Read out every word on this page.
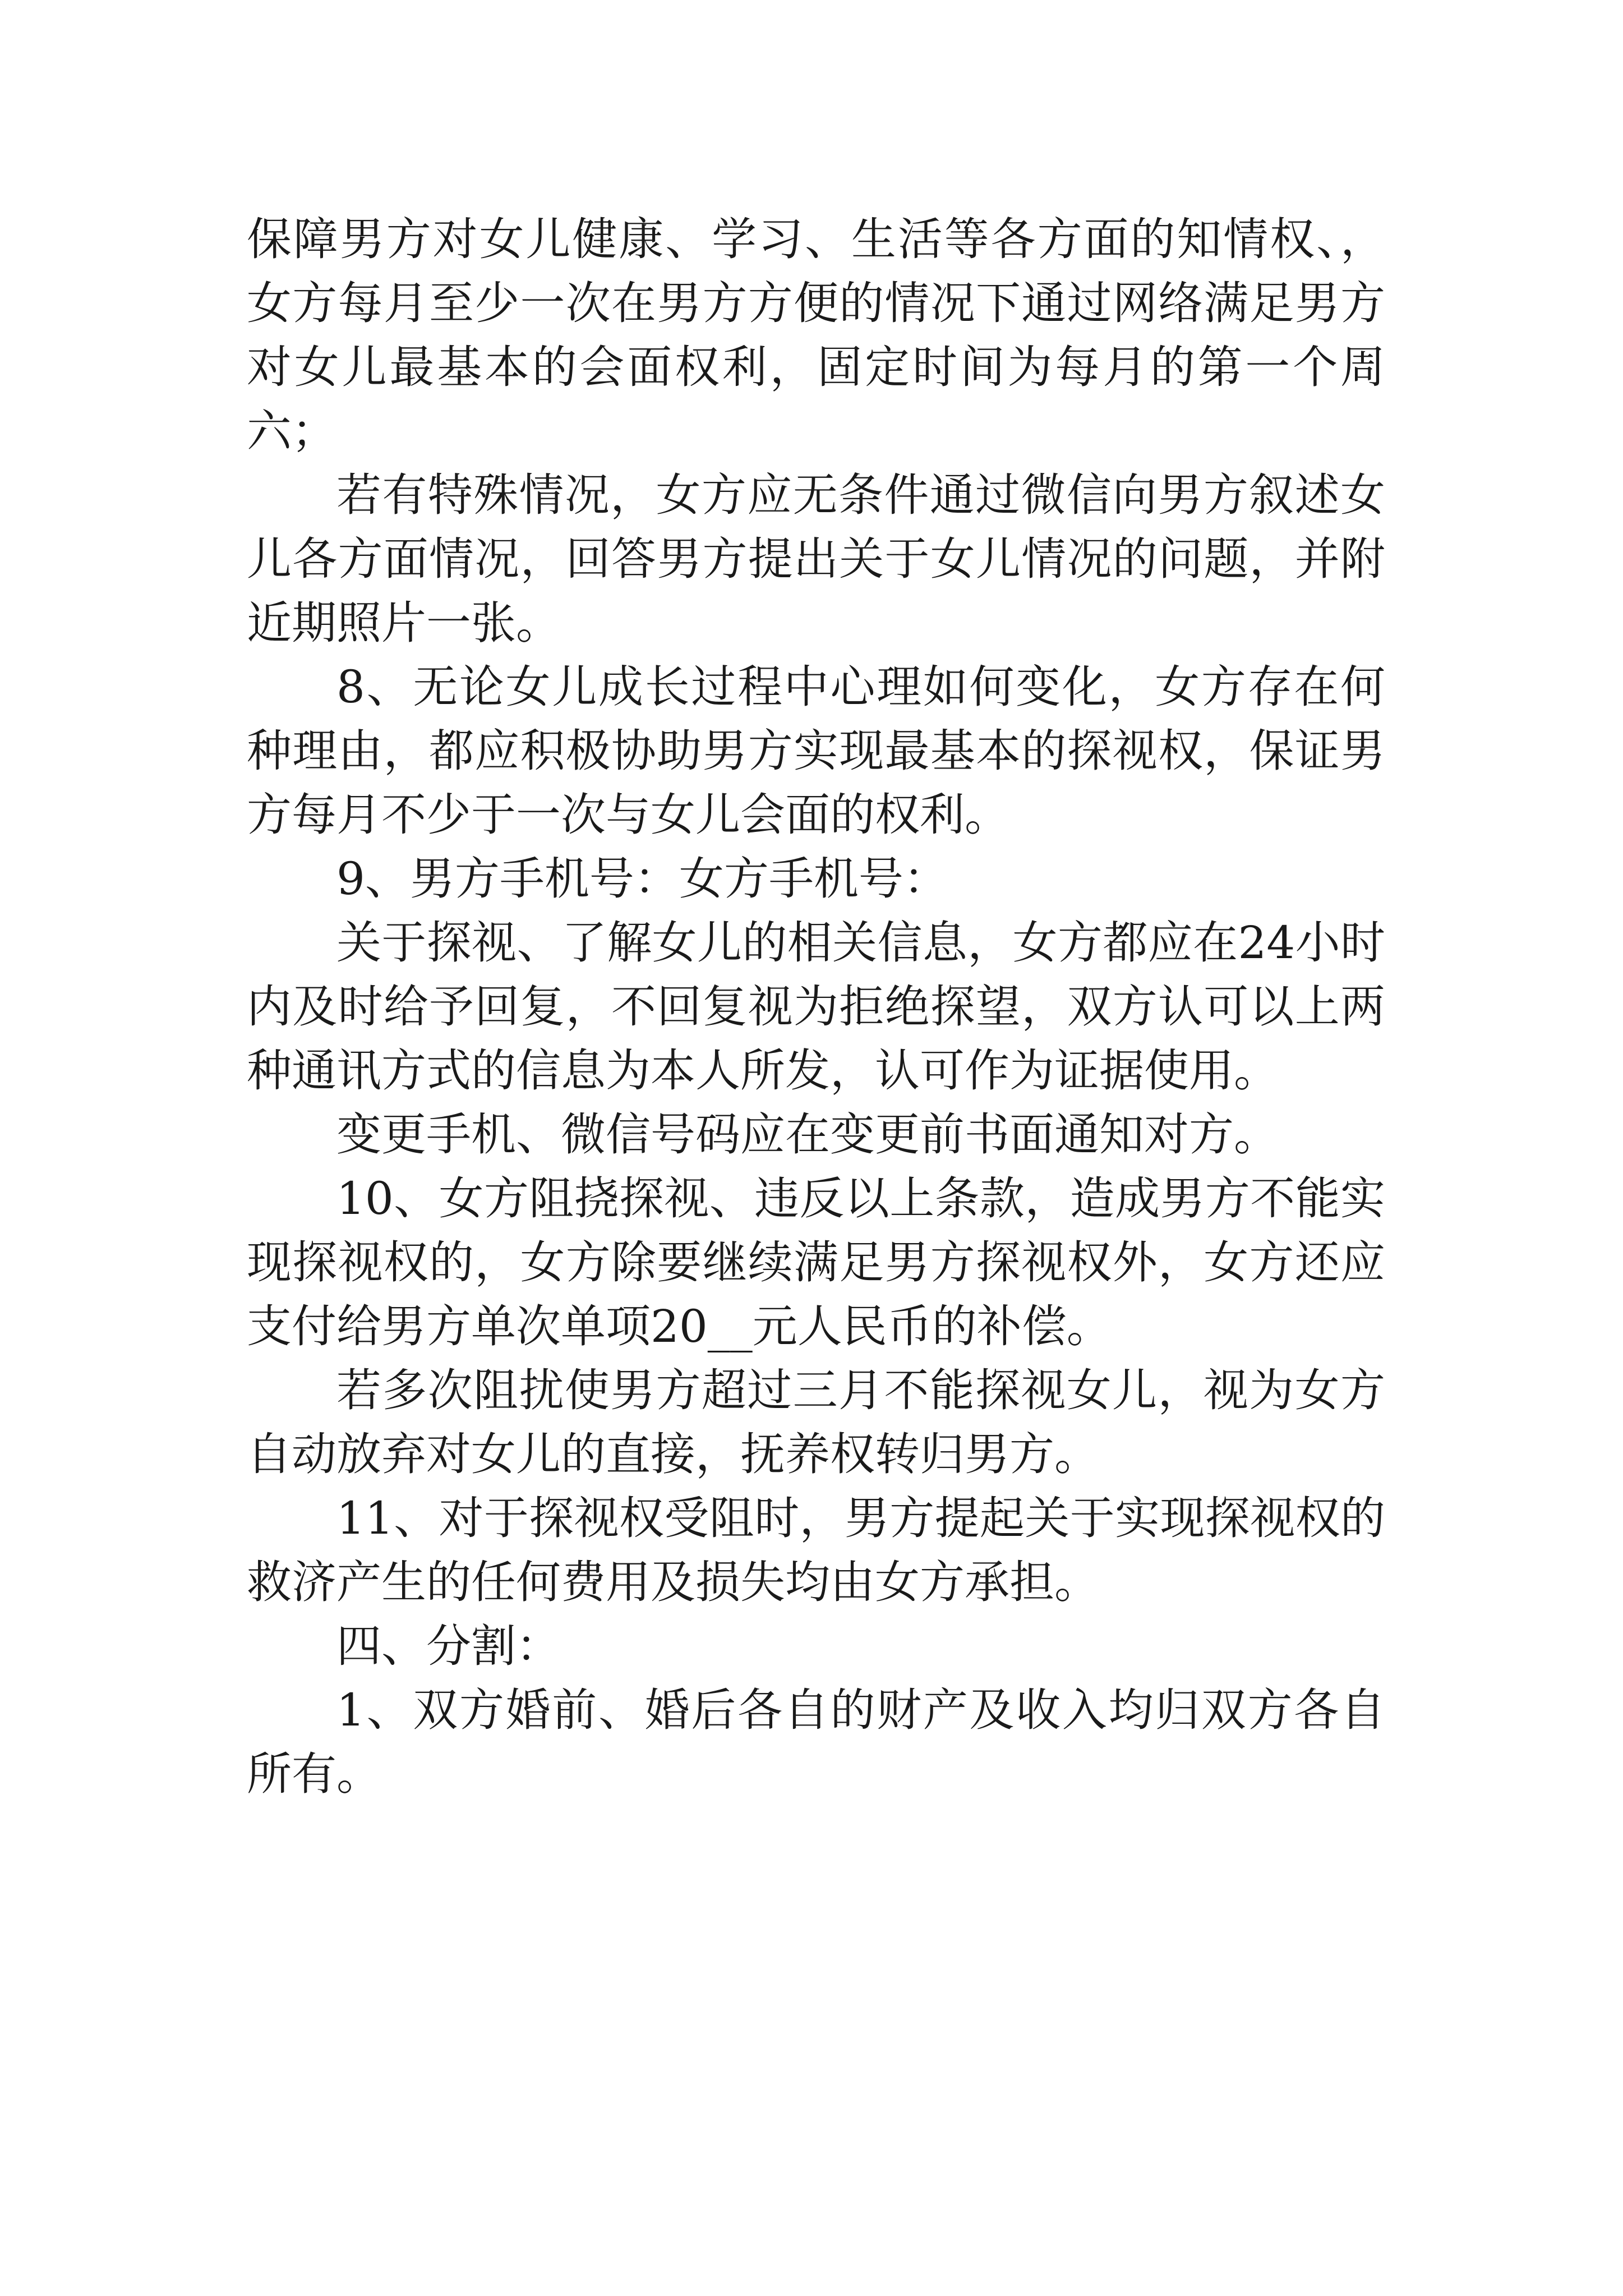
保障男方对女儿健康、学习、生活等各方面的知情权、，女方每月至少一次在男方方便的情况下通过网络满足男方对女儿最基本的会面权利，固定时间为每月的第一个周六；

若有特殊情况，女方应无条件通过微信向男方叙述女儿各方面情况，回答男方提出关于女儿情况的问题，并附近期照片一张。

8、无论女儿成长过程中心理如何变化，女方存在何种理由，都应积极协助男方实现最基本的探视权，保证男方每月不少于一次与女儿会面的权利。

9、男方手机号：女方手机号：

关于探视、了解女儿的相关信息，女方都应在24小时内及时给予回复，不回复视为拒绝探望，双方认可以上两种通讯方式的信息为本人所发，认可作为证据使用。

变更手机、微信号码应在变更前书面通知对方。

10、女方阻挠探视、违反以上条款，造成男方不能实现探视权的，女方除要继续满足男方探视权外，女方还应支付给男方单次单项20__元人民币的补偿。

若多次阻扰使男方超过三月不能探视女儿，视为女方自动放弃对女儿的直接，抚养权转归男方。

11、对于探视权受阻时，男方提起关于实现探视权的救济产生的任何费用及损失均由女方承担。

四、分割：

1、双方婚前、婚后各自的财产及收入均归双方各自所有。
